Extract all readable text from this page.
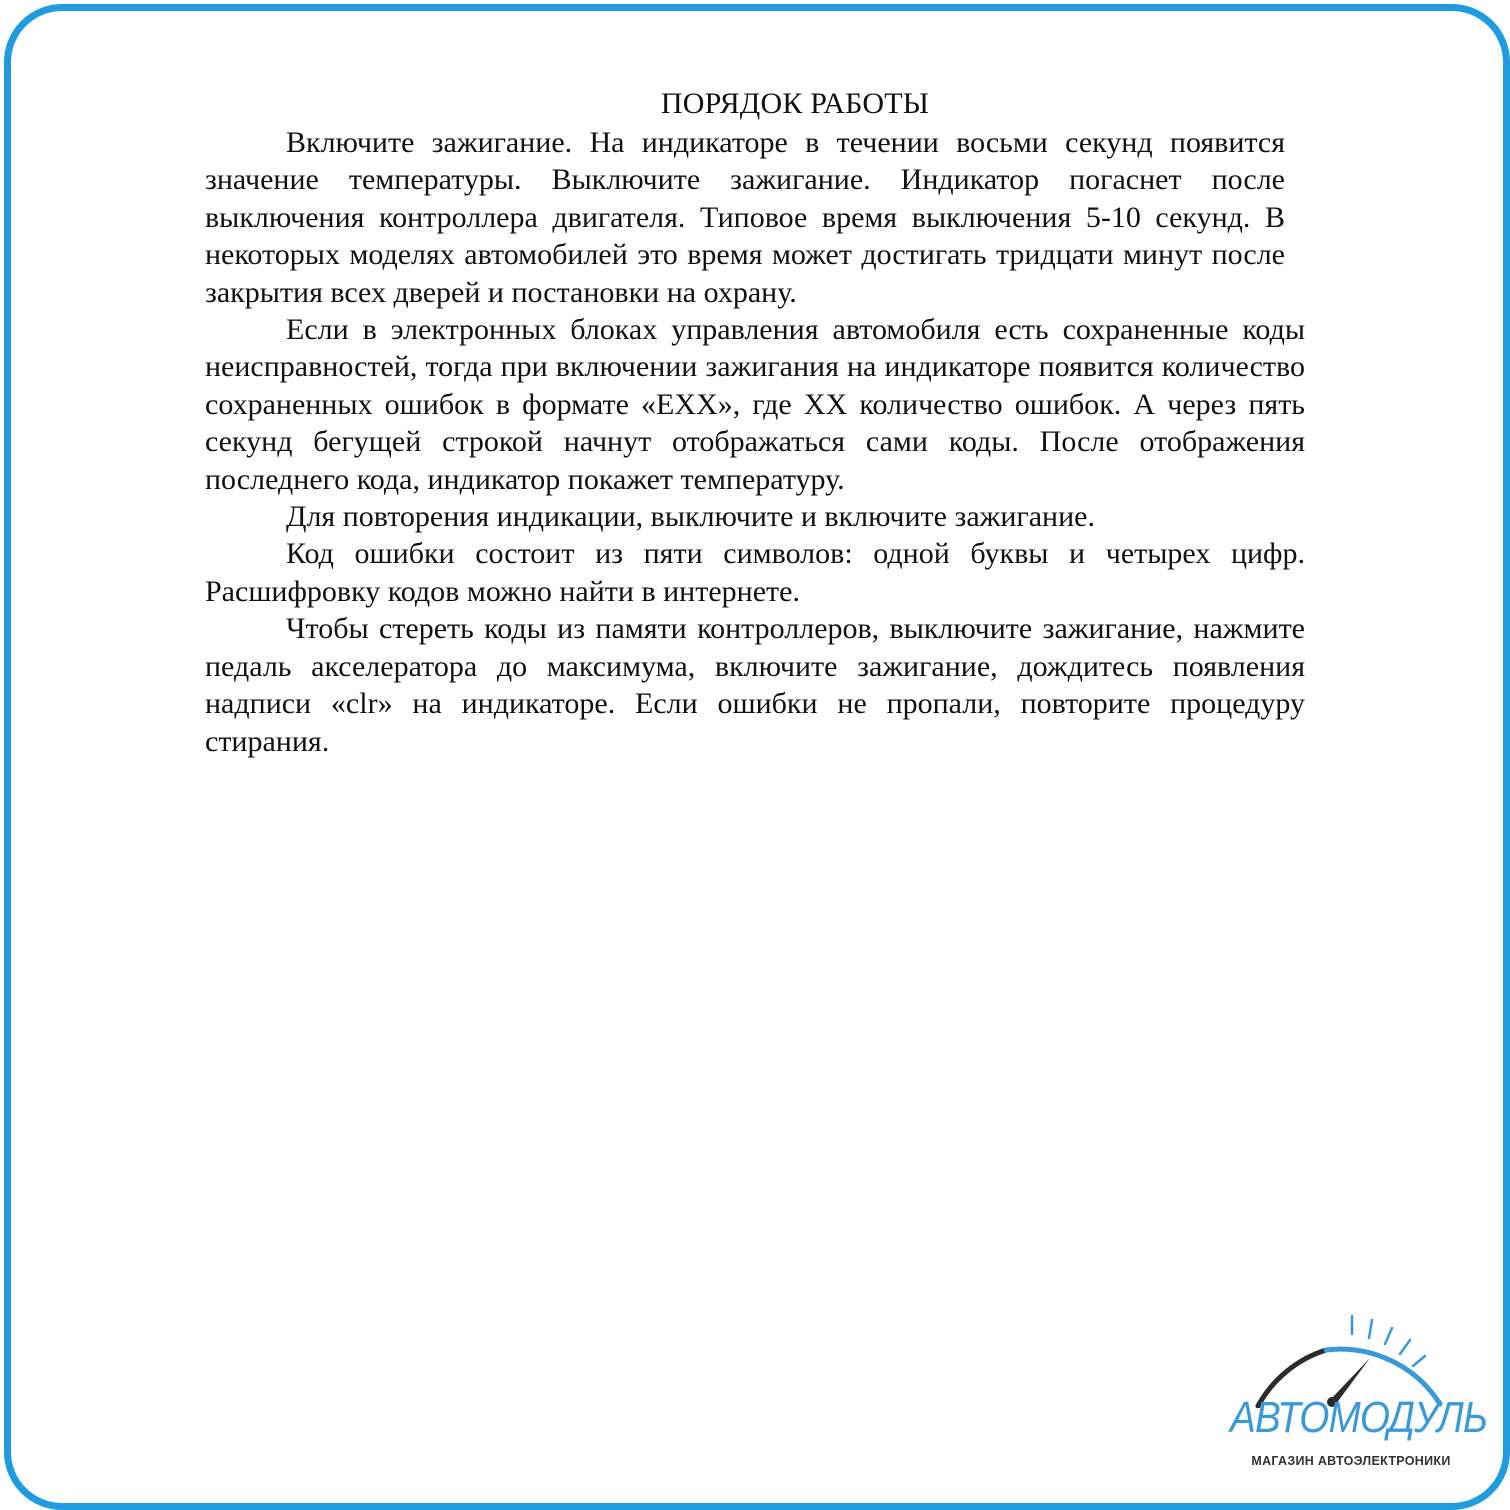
ПОРЯДОК РАБОТЫ

Включите зажигание. На индикаторе в течении восьми секунд появится значение температуры. Выключите зажигание. Индикатор погаснет после выключения контроллера двигателя. Типовое время выключения 5-10 секунд. В некоторых моделях автомобилей это время может достигать тридцати минут после закрытия всех дверей и постановки на охрану.

Если в электронных блоках управления автомобиля есть сохраненные коды неисправностей, тогда при включении зажигания на индикаторе появится количество сохраненных ошибок в формате «EXX», где XX количество ошибок. А через пять секунд бегущей строкой начнут отображаться сами коды. После отображения последнего кода, индикатор покажет температуру.

Для повторения индикации, выключите и включите зажигание.

Код ошибки состоит из пяти символов: одной буквы и четырех цифр. Расшифровку кодов можно найти в интернете.

Чтобы стереть коды из памяти контроллеров, выключите зажигание, нажмите педаль акселератора до максимума, включите зажигание, дождитесь появления надписи «clr» на индикаторе. Если ошибки не пропали, повторите процедуру стирания.

АВТОМОДУЛЬ
МАГАЗИН АВТОЭЛЕКТРОНИКИ
